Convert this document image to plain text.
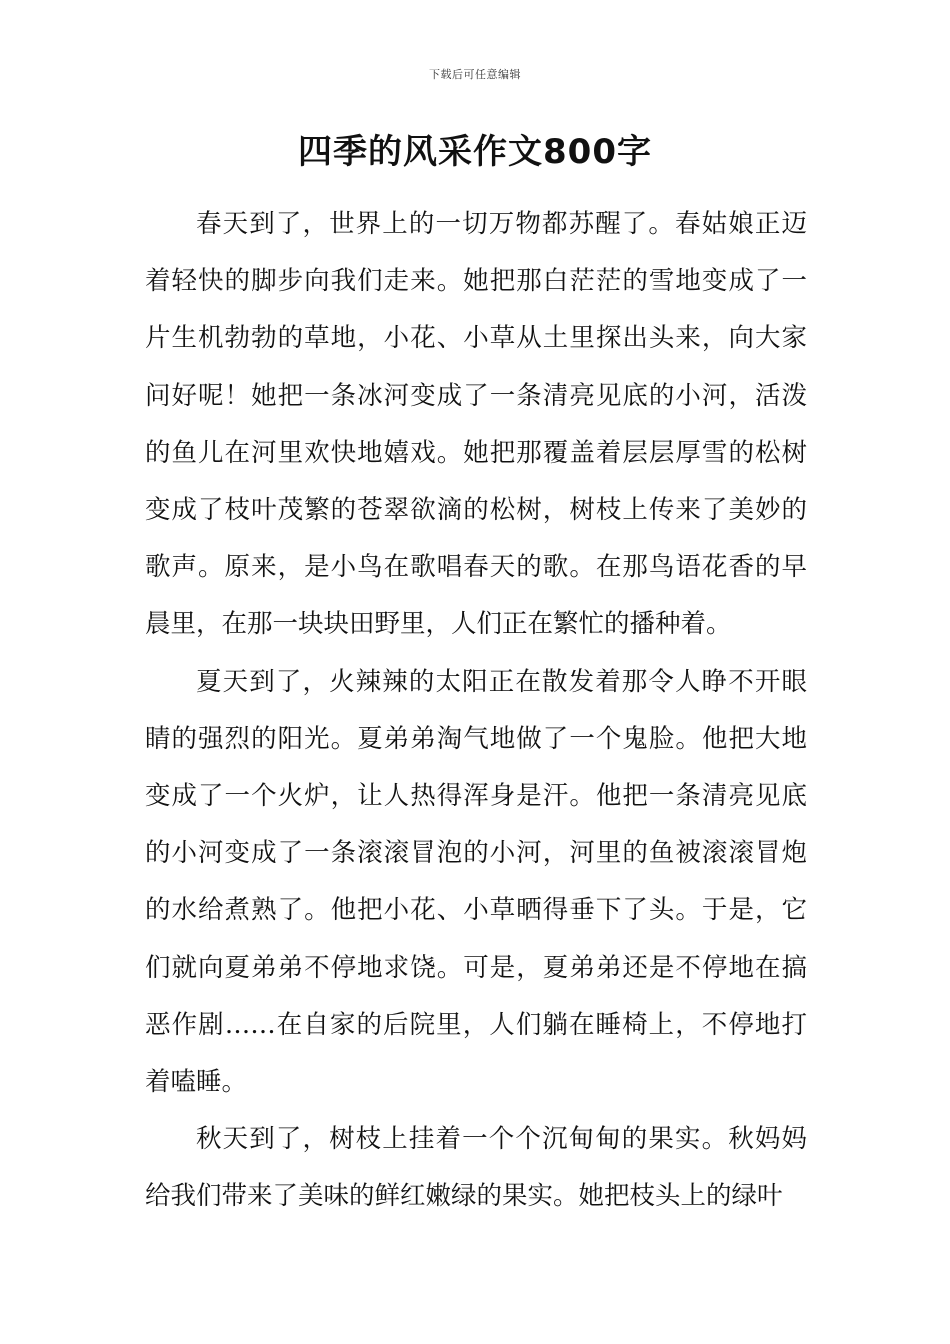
下载后可任意编辑
四季的风采作文800字

春天到了，世界上的一切万物都苏醒了。春姑娘正迈着轻快的脚步向我们走来。她把那白茫茫的雪地变成了一片生机勃勃的草地，小花、小草从土里探出头来，向大家问好呢！她把一条冰河变成了一条清亮见底的小河，活泼的鱼儿在河里欢快地嬉戏。她把那覆盖着层层厚雪的松树变成了枝叶茂繁的苍翠欲滴的松树，树枝上传来了美妙的歌声。原来，是小鸟在歌唱春天的歌。在那鸟语花香的早晨里，在那一块块田野里，人们正在繁忙的播种着。

夏天到了，火辣辣的太阳正在散发着那令人睁不开眼睛的强烈的阳光。夏弟弟淘气地做了一个鬼脸。他把大地变成了一个火炉，让人热得浑身是汗。他把一条清亮见底的小河变成了一条滚滚冒泡的小河，河里的鱼被滚滚冒炮的水给煮熟了。他把小花、小草晒得垂下了头。于是，它们就向夏弟弟不停地求饶。可是，夏弟弟还是不停地在搞恶作剧……在自家的后院里，人们躺在睡椅上，不停地打着嗑睡。

秋天到了，树枝上挂着一个个沉甸甸的果实。秋妈妈给我们带来了美味的鲜红嫩绿的果实。她把枝头上的绿叶
